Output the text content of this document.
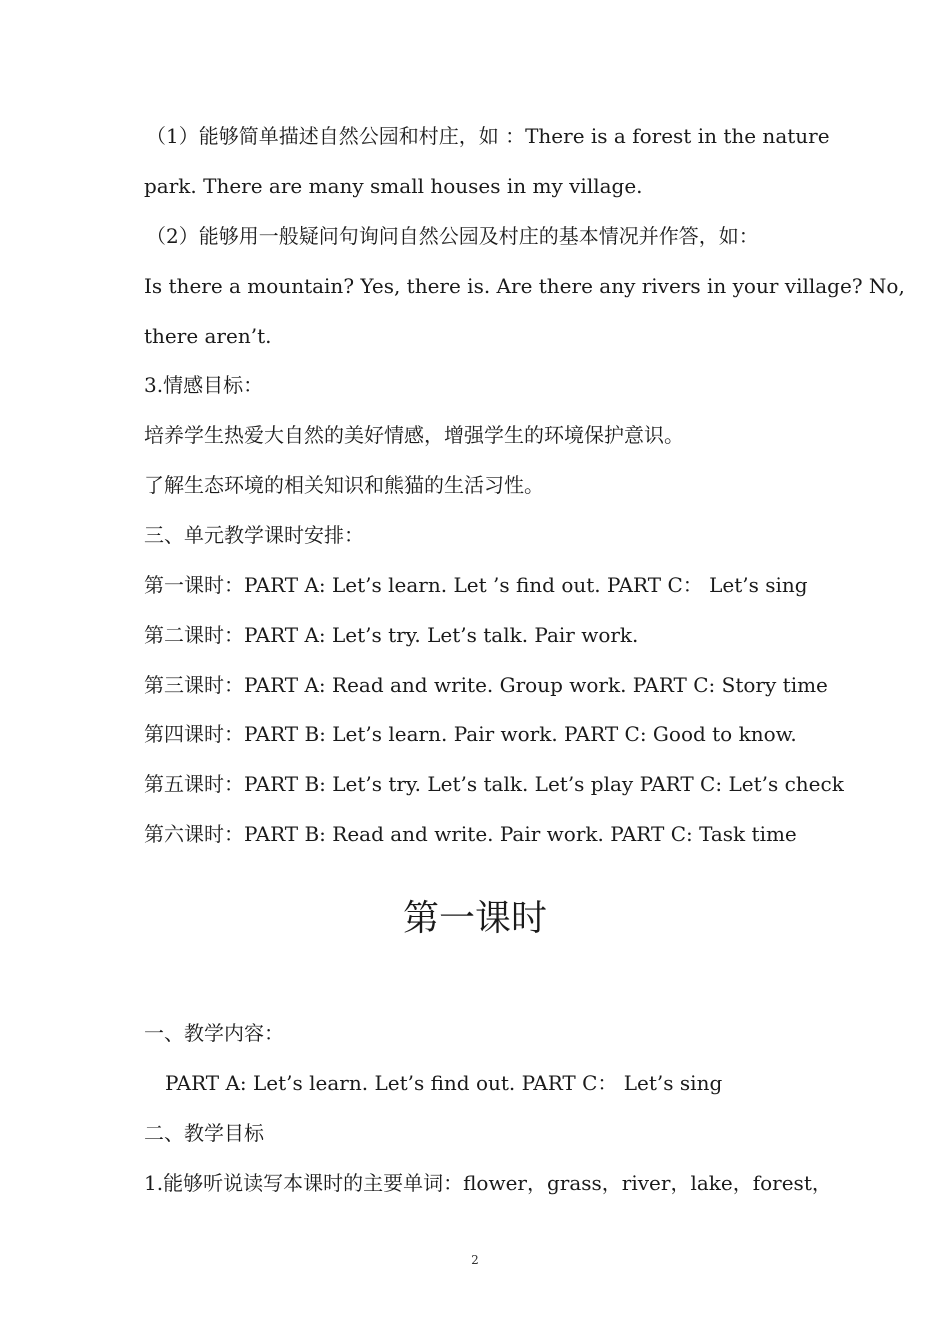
（1）能够简单描述自然公园和村庄，如 ：There is a forest in the nature
park. There are many small houses in my village.
（2）能够用一般疑问句询问自然公园及村庄的基本情况并作答，如：
Is there a mountain? Yes, there is. Are there any rivers in your village? No,
there aren’t.
3.情感目标：
培养学生热爱大自然的美好情感，增强学生的环境保护意识。
了解生态环境的相关知识和熊猫的生活习性。
三、单元教学课时安排：
第一课时：PART A: Let’s learn. Let ’s find out. PART C： Let’s sing
第二课时：PART A: Let’s try. Let’s talk. Pair work.
第三课时：PART A: Read and write. Group work. PART C: Story time
第四课时：PART B: Let’s learn. Pair work. PART C: Good to know.
第五课时：PART B: Let’s try. Let’s talk. Let’s play PART C: Let’s check
第六课时：PART B: Read and write. Pair work. PART C: Task time
第一课时
一、教学内容：
PART A: Let’s learn. Let’s find out. PART C： Let’s sing
二、教学目标
1.能够听说读写本课时的主要单词：flower，grass，river，lake，forest，
2
